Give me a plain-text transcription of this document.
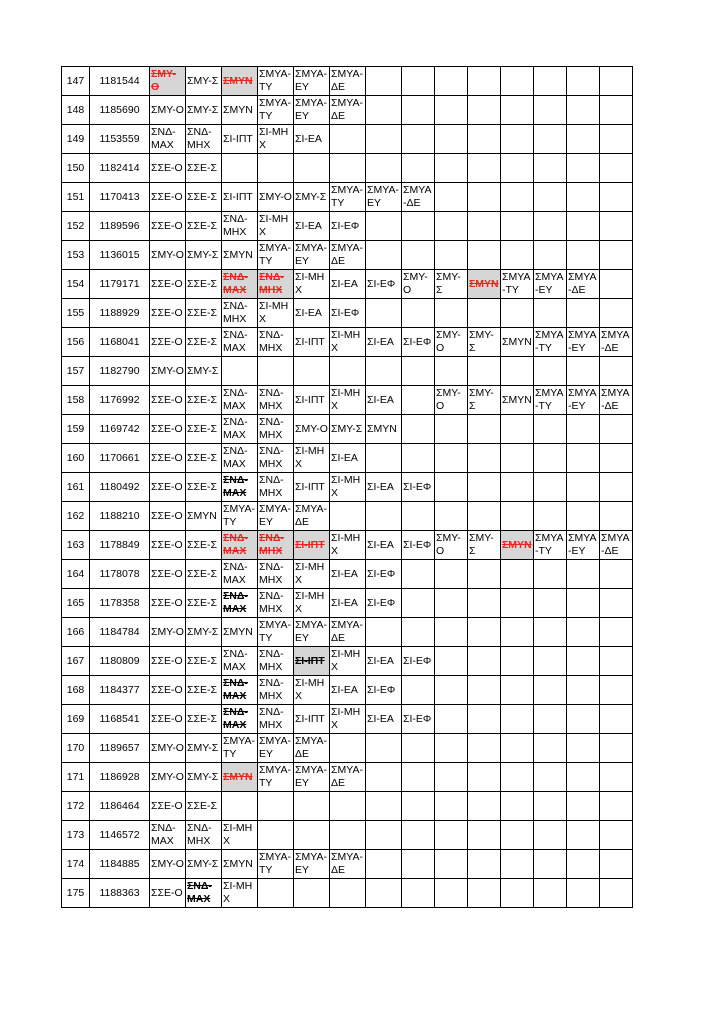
147	1181544	ΣΜΥ-Ο	ΣΜΥ-Σ	ΣΜΥΝ	ΣΜΥΑ-ΤΥ	ΣΜΥΑ-ΕΥ	ΣΜΥΑ-ΔΕ								
148	1185690	ΣΜΥ-Ο	ΣΜΥ-Σ	ΣΜΥΝ	ΣΜΥΑ-ΤΥ	ΣΜΥΑ-ΕΥ	ΣΜΥΑ-ΔΕ								
149	1153559	ΣΝΔ-ΜΑΧ	ΣΝΔ-ΜΗΧ	ΣΙ-ΙΠΤ	ΣΙ-ΜΗΧ	ΣΙ-ΕΑ									
150	1182414	ΣΣΕ-Ο	ΣΣΕ-Σ												
151	1170413	ΣΣΕ-Ο	ΣΣΕ-Σ	ΣΙ-ΙΠΤ	ΣΜΥ-Ο	ΣΜΥ-Σ	ΣΜΥΑ-ΤΥ	ΣΜΥΑ-ΕΥ	ΣΜΥΑ-ΔΕ						
152	1189596	ΣΣΕ-Ο	ΣΣΕ-Σ	ΣΝΔ-ΜΗΧ	ΣΙ-ΜΗΧ	ΣΙ-ΕΑ	ΣΙ-ΕΦ								
153	1136015	ΣΜΥ-Ο	ΣΜΥ-Σ	ΣΜΥΝ	ΣΜΥΑ-ΤΥ	ΣΜΥΑ-ΕΥ	ΣΜΥΑ-ΔΕ								
154	1179171	ΣΣΕ-Ο	ΣΣΕ-Σ	ΣΝΔ-ΜΑΧ	ΣΝΔ-ΜΗΧ	ΣΙ-ΜΗΧ	ΣΙ-ΕΑ	ΣΙ-ΕΦ	ΣΜΥ-Ο	ΣΜΥ-Σ	ΣΜΥΝ	ΣΜΥΑ-ΤΥ	ΣΜΥΑ-ΕΥ	ΣΜΥΑ-ΔΕ	
155	1188929	ΣΣΕ-Ο	ΣΣΕ-Σ	ΣΝΔ-ΜΗΧ	ΣΙ-ΜΗΧ	ΣΙ-ΕΑ	ΣΙ-ΕΦ								
156	1168041	ΣΣΕ-Ο	ΣΣΕ-Σ	ΣΝΔ-ΜΑΧ	ΣΝΔ-ΜΗΧ	ΣΙ-ΙΠΤ	ΣΙ-ΜΗΧ	ΣΙ-ΕΑ	ΣΙ-ΕΦ	ΣΜΥ-Ο	ΣΜΥ-Σ	ΣΜΥΝ	ΣΜΥΑ-ΤΥ	ΣΜΥΑ-ΕΥ	ΣΜΥΑ-ΔΕ
157	1182790	ΣΜΥ-Ο	ΣΜΥ-Σ												
158	1176992	ΣΣΕ-Ο	ΣΣΕ-Σ	ΣΝΔ-ΜΑΧ	ΣΝΔ-ΜΗΧ	ΣΙ-ΙΠΤ	ΣΙ-ΜΗΧ	ΣΙ-ΕΑ		ΣΜΥ-Ο	ΣΜΥ-Σ	ΣΜΥΝ	ΣΜΥΑ-ΤΥ	ΣΜΥΑ-ΕΥ	ΣΜΥΑ-ΔΕ
159	1169742	ΣΣΕ-Ο	ΣΣΕ-Σ	ΣΝΔ-ΜΑΧ	ΣΝΔ-ΜΗΧ	ΣΜΥ-Ο	ΣΜΥ-Σ	ΣΜΥΝ							
160	1170661	ΣΣΕ-Ο	ΣΣΕ-Σ	ΣΝΔ-ΜΑΧ	ΣΝΔ-ΜΗΧ	ΣΙ-ΜΗΧ	ΣΙ-ΕΑ								
161	1180492	ΣΣΕ-Ο	ΣΣΕ-Σ	ΣΝΔ-ΜΑΧ	ΣΝΔ-ΜΗΧ	ΣΙ-ΙΠΤ	ΣΙ-ΜΗΧ	ΣΙ-ΕΑ	ΣΙ-ΕΦ						
162	1188210	ΣΣΕ-Ο	ΣΜΥΝ	ΣΜΥΑ-ΤΥ	ΣΜΥΑ-ΕΥ	ΣΜΥΑ-ΔΕ									
163	1178849	ΣΣΕ-Ο	ΣΣΕ-Σ	ΣΝΔ-ΜΑΧ	ΣΝΔ-ΜΗΧ	ΣΙ-ΙΠΤ	ΣΙ-ΜΗΧ	ΣΙ-ΕΑ	ΣΙ-ΕΦ	ΣΜΥ-Ο	ΣΜΥ-Σ	ΣΜΥΝ	ΣΜΥΑ-ΤΥ	ΣΜΥΑ-ΕΥ	ΣΜΥΑ-ΔΕ
164	1178078	ΣΣΕ-Ο	ΣΣΕ-Σ	ΣΝΔ-ΜΑΧ	ΣΝΔ-ΜΗΧ	ΣΙ-ΜΗΧ	ΣΙ-ΕΑ	ΣΙ-ΕΦ							
165	1178358	ΣΣΕ-Ο	ΣΣΕ-Σ	ΣΝΔ-ΜΑΧ	ΣΝΔ-ΜΗΧ	ΣΙ-ΜΗΧ	ΣΙ-ΕΑ	ΣΙ-ΕΦ							
166	1184784	ΣΜΥ-Ο	ΣΜΥ-Σ	ΣΜΥΝ	ΣΜΥΑ-ΤΥ	ΣΜΥΑ-ΕΥ	ΣΜΥΑ-ΔΕ								
167	1180809	ΣΣΕ-Ο	ΣΣΕ-Σ	ΣΝΔ-ΜΑΧ	ΣΝΔ-ΜΗΧ	ΣΙ-ΙΠΤ	ΣΙ-ΜΗΧ	ΣΙ-ΕΑ	ΣΙ-ΕΦ						
168	1184377	ΣΣΕ-Ο	ΣΣΕ-Σ	ΣΝΔ-ΜΑΧ	ΣΝΔ-ΜΗΧ	ΣΙ-ΜΗΧ	ΣΙ-ΕΑ	ΣΙ-ΕΦ							
169	1168541	ΣΣΕ-Ο	ΣΣΕ-Σ	ΣΝΔ-ΜΑΧ	ΣΝΔ-ΜΗΧ	ΣΙ-ΙΠΤ	ΣΙ-ΜΗΧ	ΣΙ-ΕΑ	ΣΙ-ΕΦ						
170	1189657	ΣΜΥ-Ο	ΣΜΥ-Σ	ΣΜΥΑ-ΤΥ	ΣΜΥΑ-ΕΥ	ΣΜΥΑ-ΔΕ									
171	1186928	ΣΜΥ-Ο	ΣΜΥ-Σ	ΣΜΥΝ	ΣΜΥΑ-ΤΥ	ΣΜΥΑ-ΕΥ	ΣΜΥΑ-ΔΕ								
172	1186464	ΣΣΕ-Ο	ΣΣΕ-Σ												
173	1146572	ΣΝΔ-ΜΑΧ	ΣΝΔ-ΜΗΧ	ΣΙ-ΜΗΧ											
174	1184885	ΣΜΥ-Ο	ΣΜΥ-Σ	ΣΜΥΝ	ΣΜΥΑ-ΤΥ	ΣΜΥΑ-ΕΥ	ΣΜΥΑ-ΔΕ								
175	1188363	ΣΣΕ-Ο	ΣΝΔ-ΜΑΧ	ΣΙ-ΜΗΧ											
